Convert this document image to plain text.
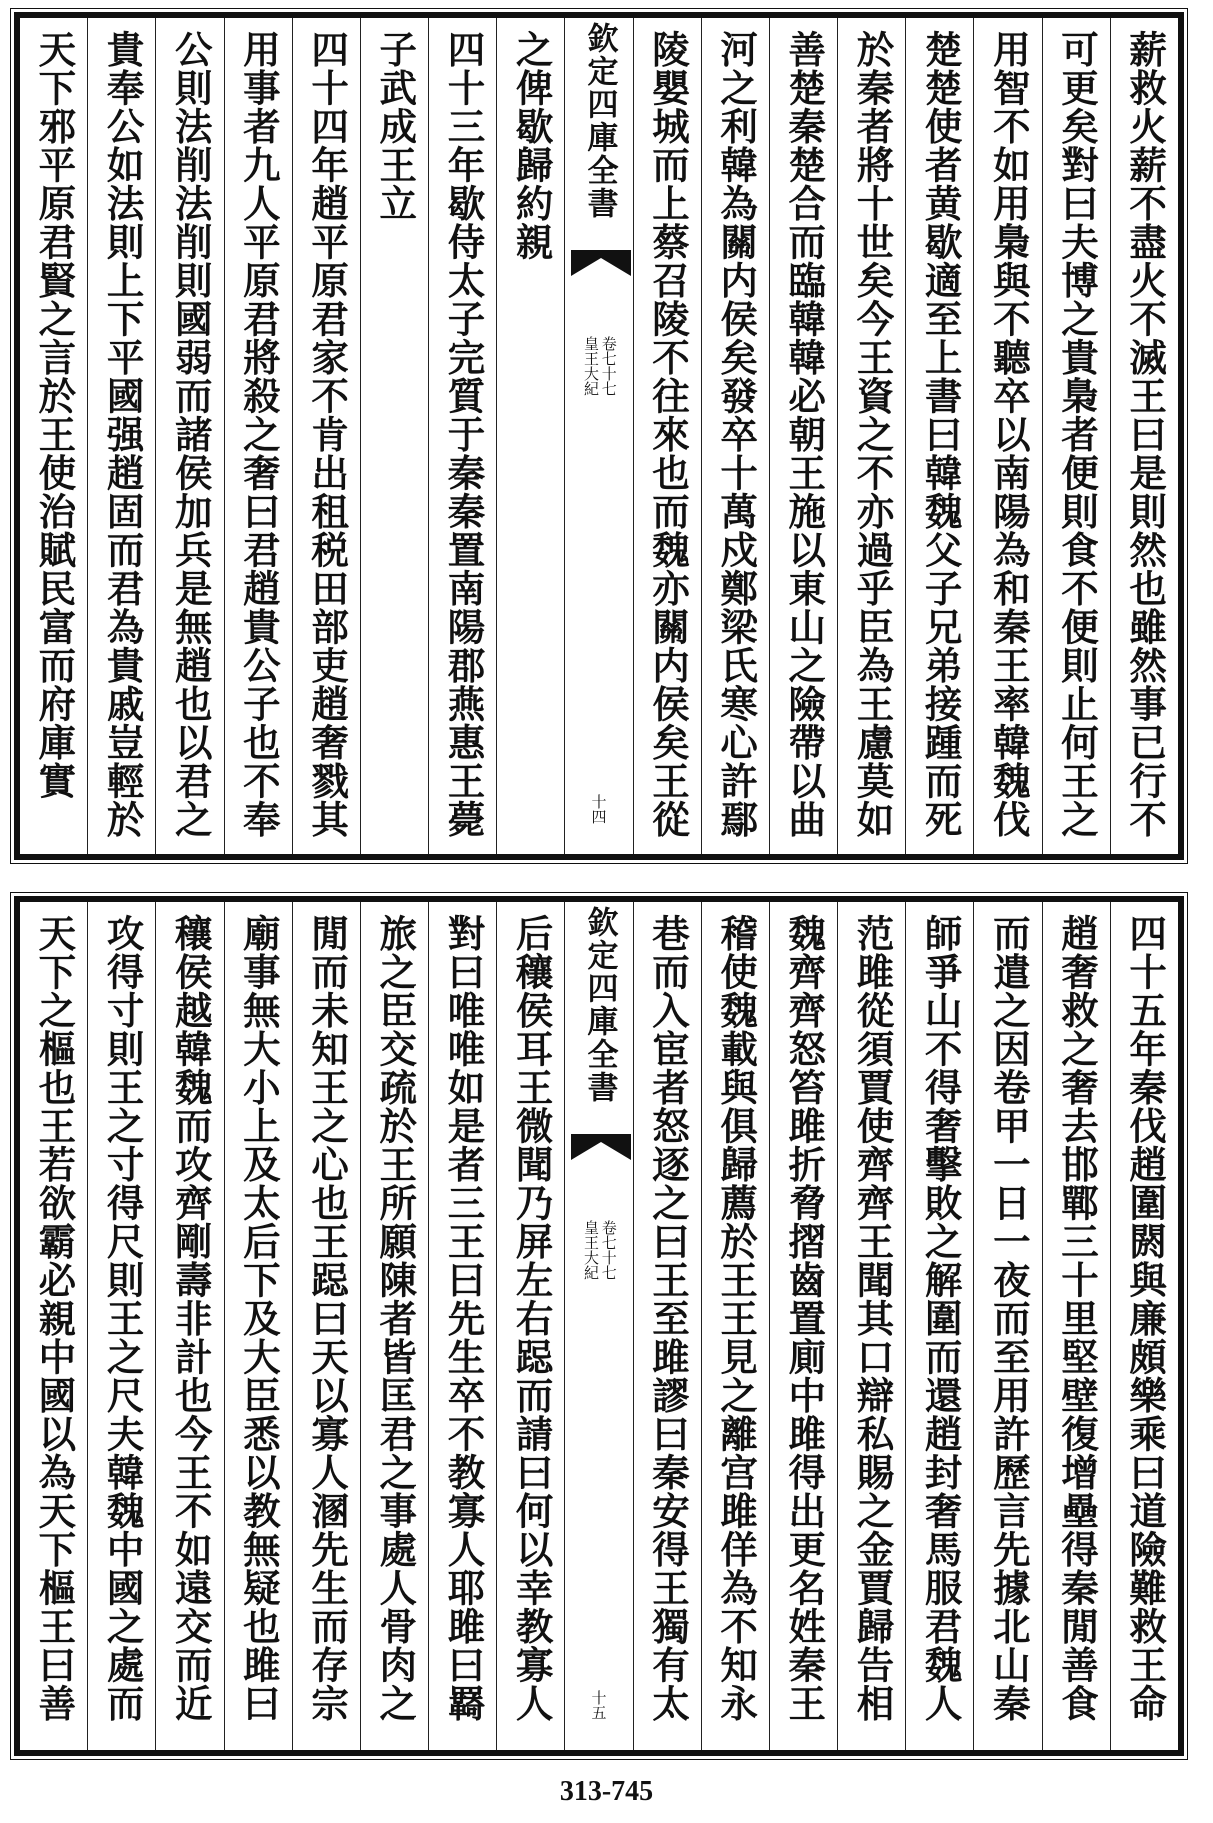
薪救火薪不盡火不滅王曰是則然也雖然事已行不
可更矣對曰夫博之貴梟者便則食不便則止何王之
用智不如用梟與不聽卒以南陽為和秦王率韓魏伐
楚楚使者黄歇適至上書曰韓魏父子兄弟接踵而死
於秦者將十世矣今王資之不亦過乎臣為王慮莫如
善楚秦楚合而臨韓韓必朝王施以東山之險帶以曲
河之利韓為關内侯矣發卒十萬戍鄭梁氏寒心許鄢
陵嬰城而上蔡召陵不往來也而魏亦關内侯矣王從
欽定四庫全書
皇王大紀 卷七十七
十四
之俾歇歸約親
四十三年歇侍太子完質于秦秦置南陽郡燕惠王薨
子武成王立
四十四年趙平原君家不肯出租税田部吏趙奢戮其
用事者九人平原君將殺之奢曰君趙貴公子也不奉
公則法削法削則國弱而諸侯加兵是無趙也以君之
貴奉公如法則上下平國强趙固而君為貴戚豈輕於
天下邪平原君賢之言於王使治賦民富而府庫實
四十五年秦伐趙圍閼與廉頗樂乘曰道險難救王命
趙奢救之奢去邯鄲三十里堅壁復增壘得秦閒善食
而遣之因卷甲一日一夜而至用許歷言先據北山秦
師爭山不得奢擊敗之解圍而還趙封奢馬服君魏人
范雎從須賈使齊齊王聞其口辯私賜之金賈歸告相
魏齊齊怒笞雎折脅摺齒置廁中雎得出更名姓秦王
稽使魏載與俱歸薦於王王見之離宫雎佯為不知永
巷而入宦者怒逐之曰王至雎謬曰秦安得王獨有太
欽定四庫全書
皇王大紀 卷七十七
十五
后穰侯耳王微聞乃屏左右跽而請曰何以幸教寡人
對曰唯唯如是者三王曰先生卒不教寡人耶雎曰羇
旅之臣交疏於王所願陳者皆匡君之事處人骨肉之
閒而未知王之心也王跽曰天以寡人溷先生而存宗
廟事無大小上及太后下及大臣悉以教無疑也雎曰
穰侯越韓魏而攻齊剛壽非計也今王不如遠交而近
攻得寸則王之寸得尺則王之尺夫韓魏中國之處而
天下之樞也王若欲霸必親中國以為天下樞王曰善
313-745
